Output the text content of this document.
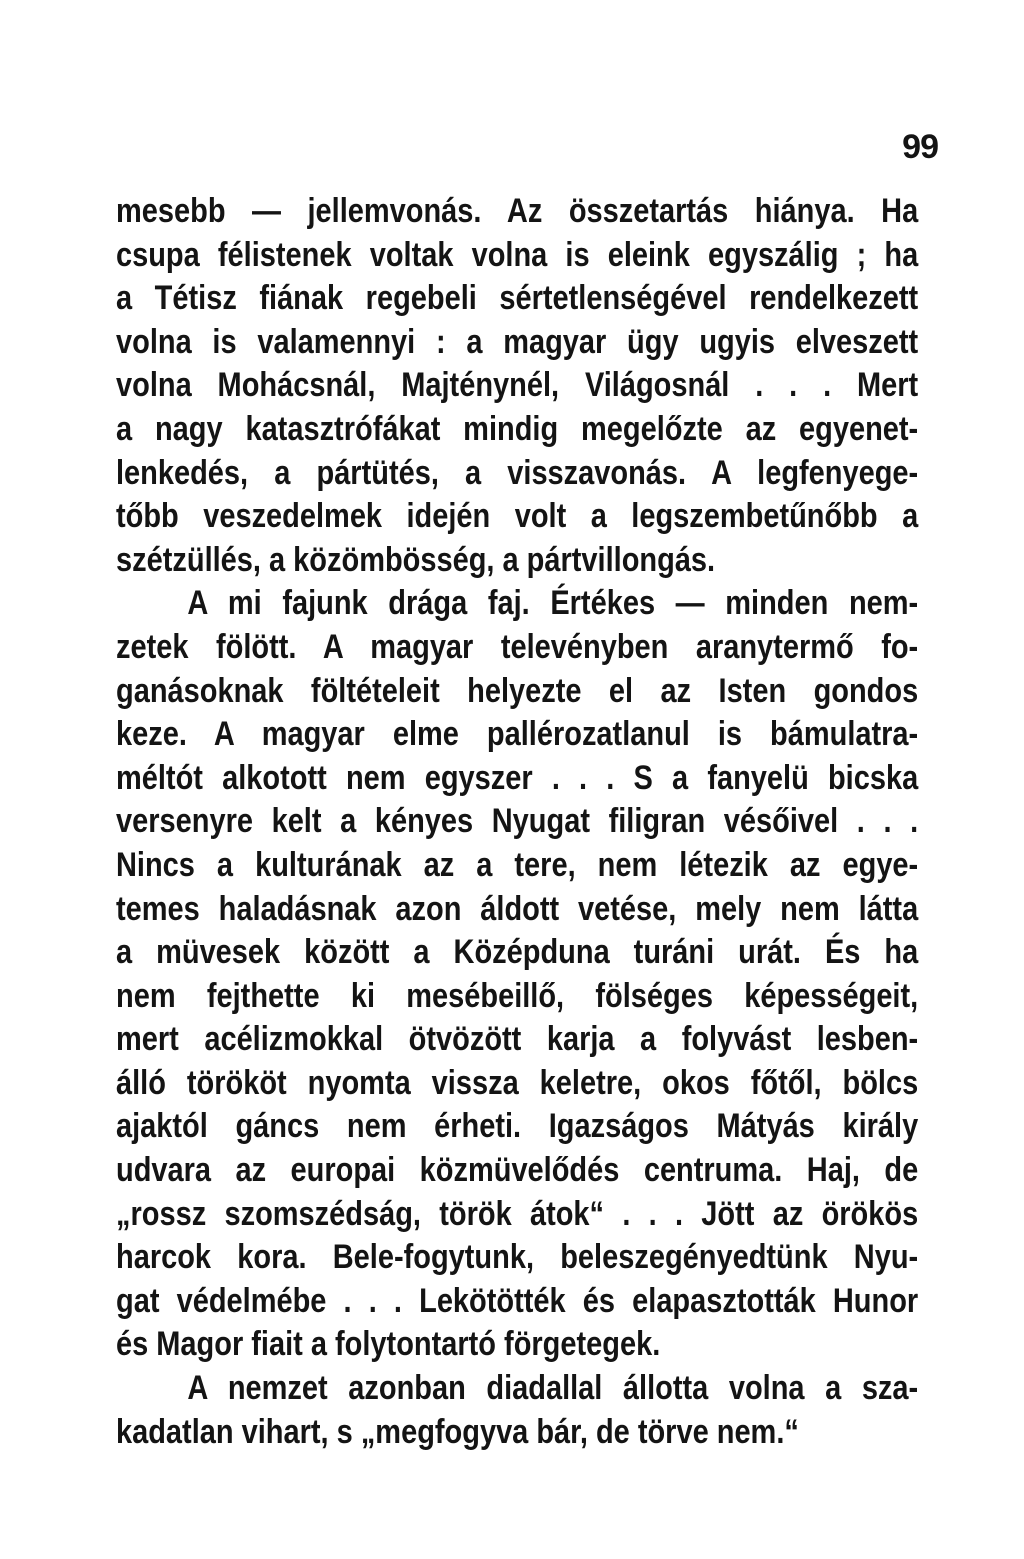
99
mesebb — jellemvonás. Az összetartás hiánya. Ha
csupa félistenek voltak volna is eleink egyszálig ; ha
a Tétisz fiának regebeli sértetlenségével rendelkezett
volna is valamennyi : a magyar ügy ugyis elveszett
volna Mohácsnál, Majténynél, Világosnál . . . Mert
a nagy katasztrófákat mindig megelőzte az egyenet-
lenkedés, a pártütés, a visszavonás. A legfenyege-
tőbb veszedelmek idején volt a legszembetűnőbb a
szétzüllés, a közömbösség, a pártvillongás.
A mi fajunk drága faj. Értékes — minden nem-
zetek fölött. A magyar televényben aranytermő fo-
ganásoknak föltételeit helyezte el az Isten gondos
keze. A magyar elme pallérozatlanul is bámulatra-
méltót alkotott nem egyszer . . . S a fanyelü bicska
versenyre kelt a kényes Nyugat filigran vésőivel . . .
Nincs a kulturának az a tere, nem létezik az egye-
temes haladásnak azon áldott vetése, mely nem látta
a müvesek között a Középduna turáni urát. És ha
nem fejthette ki mesébeillő, fölséges képességeit,
mert acélizmokkal ötvözött karja a folyvást lesben-
álló törököt nyomta vissza keletre, okos főtől, bölcs
ajaktól gáncs nem érheti. Igazságos Mátyás király
udvara az europai közmüvelődés centruma. Haj, de
„rossz szomszédság, török átok“ . . . Jött az örökös
harcok kora. Bele-fogytunk, beleszegényedtünk Nyu-
gat védelmébe . . . Lekötötték és elapasztották Hunor
és Magor fiait a folytontartó förgetegek.
A nemzet azonban diadallal állotta volna a sza-
kadatlan vihart, s „megfogyva bár, de törve nem.“
